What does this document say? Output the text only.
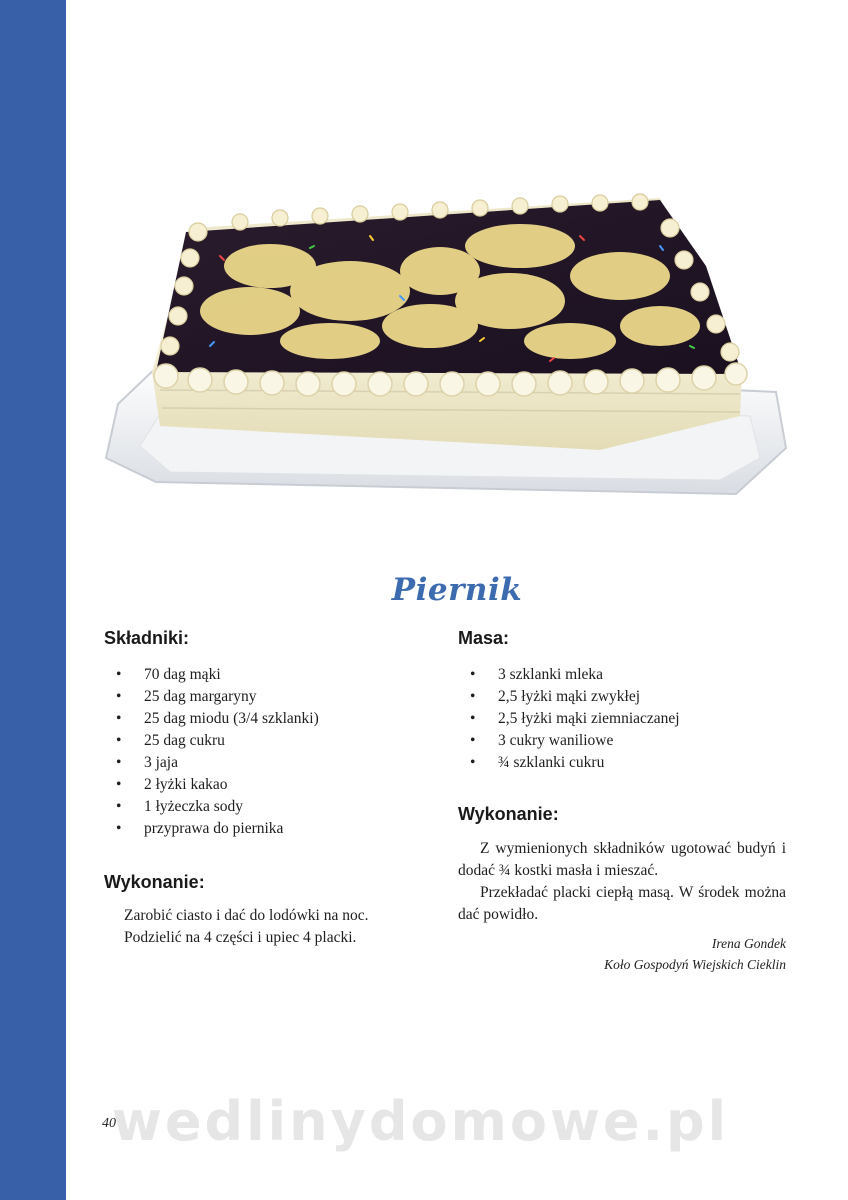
Piernik
Składniki:
• 70 dag mąki
• 25 dag margaryny
• 25 dag miodu (3/4 szklanki)
• 25 dag cukru
• 3 jaja
• 2 łyżki kakao
• 1 łyżeczka sody
• przyprawa do piernika
Wykonanie:
Zarobić ciasto i dać do lodówki na noc.
Podzielić na 4 części i upiec 4 placki.
Masa:
• 3 szklanki mleka
• 2,5 łyżki mąki zwykłej
• 2,5 łyżki mąki ziemniaczanej
• 3 cukry waniliowe
• ¾ szklanki cukru
Wykonanie:
Z wymienionych składników ugotować budyń i dodać ¾ kostki masła i mieszać.
Przekładać placki ciepłą masą. W środek można dać powidło.
Irena Gondek
Koło Gospodyń Wiejskich Cieklin
wedlinydomowe.pl
40
